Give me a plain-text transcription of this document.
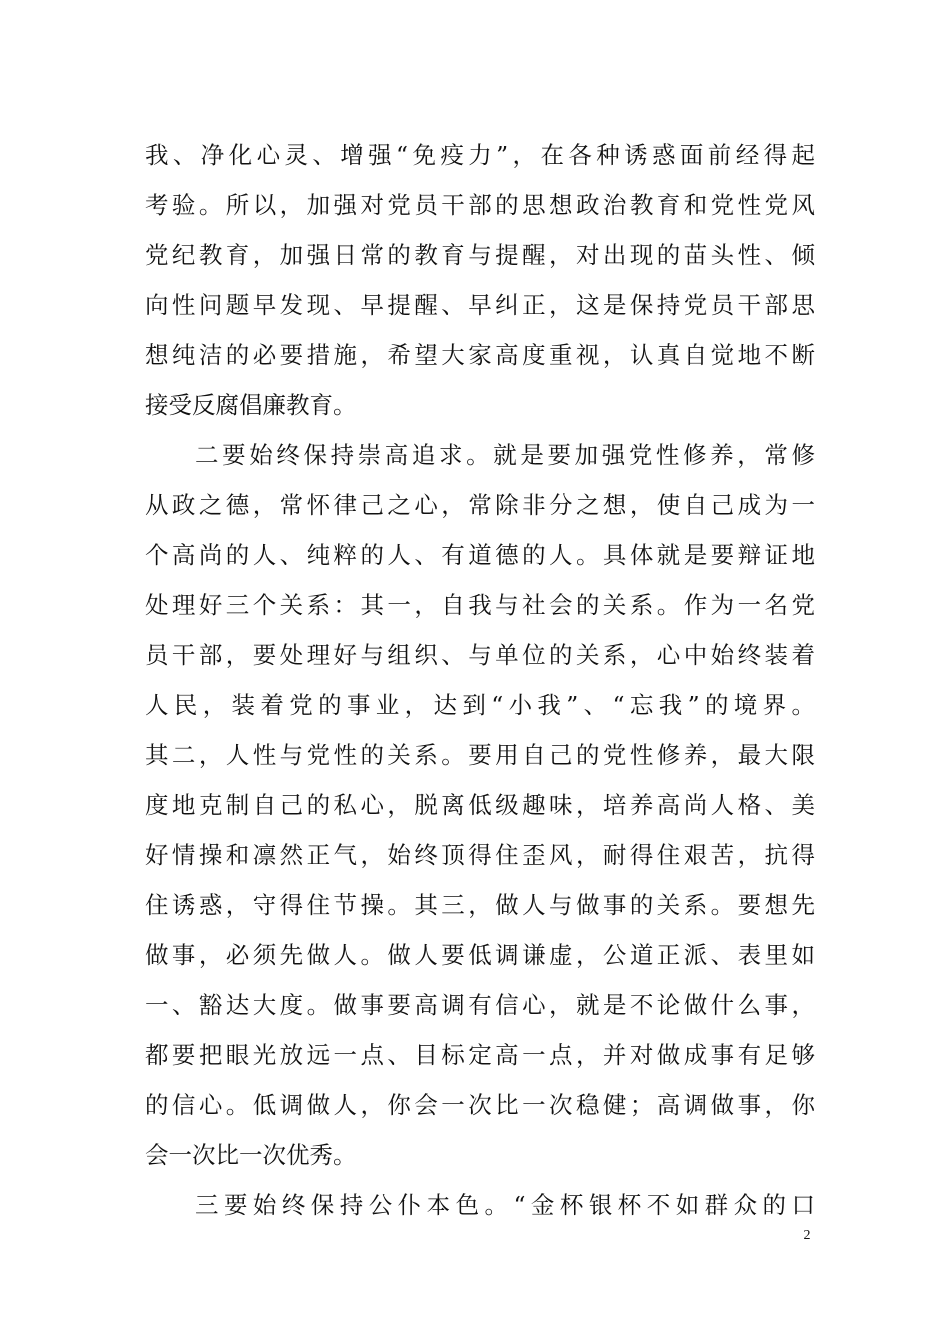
我、净化心灵、增强“免疫力”，在各种诱惑面前经得起
考验。所以，加强对党员干部的思想政治教育和党性党风
党纪教育，加强日常的教育与提醒，对出现的苗头性、倾
向性问题早发现、早提醒、早纠正，这是保持党员干部思
想纯洁的必要措施，希望大家高度重视，认真自觉地不断
接受反腐倡廉教育。
二要始终保持崇高追求。就是要加强党性修养，常修
从政之德，常怀律己之心，常除非分之想，使自己成为一
个高尚的人、纯粹的人、有道德的人。具体就是要辩证地
处理好三个关系：其一，自我与社会的关系。作为一名党
员干部，要处理好与组织、与单位的关系，心中始终装着
人民，装着党的事业，达到“小我”、“忘我”的境界。
其二，人性与党性的关系。要用自己的党性修养，最大限
度地克制自己的私心，脱离低级趣味，培养高尚人格、美
好情操和凛然正气，始终顶得住歪风，耐得住艰苦，抗得
住诱惑，守得住节操。其三，做人与做事的关系。要想先
做事，必须先做人。做人要低调谦虚，公道正派、表里如
一、豁达大度。做事要高调有信心，就是不论做什么事，
都要把眼光放远一点、目标定高一点，并对做成事有足够
的信心。低调做人，你会一次比一次稳健；高调做事，你
会一次比一次优秀。
三要始终保持公仆本色。“金杯银杯不如群众的口
2
